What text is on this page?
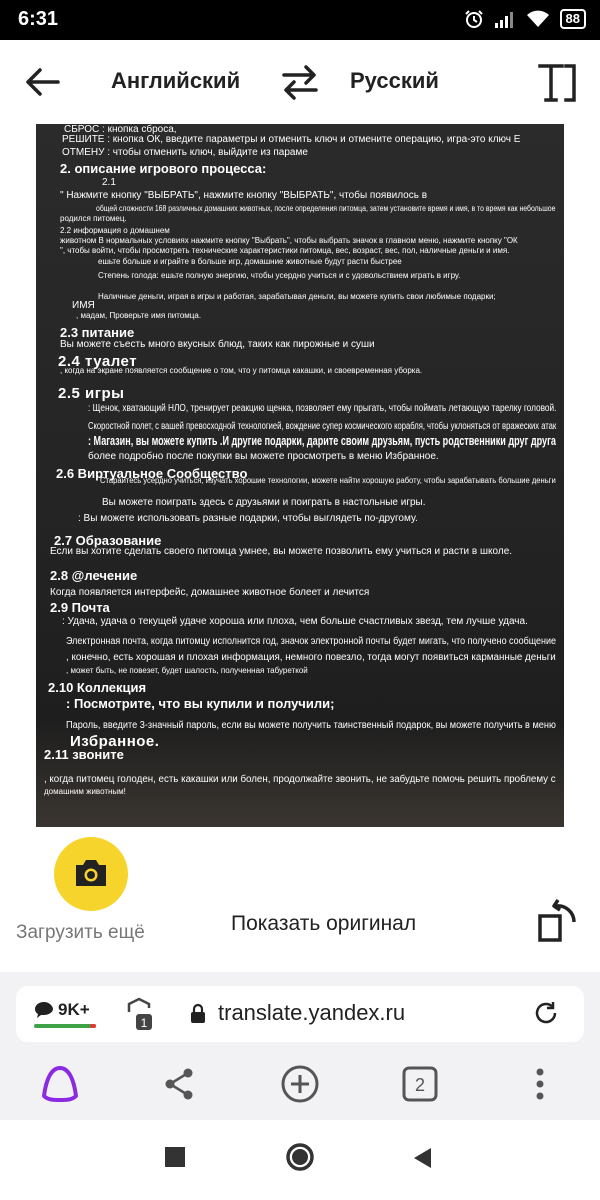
6:31	88
Английский	Русский
СБРОС : кнопка сброса,
РЕШИТЕ : кнопка ОК, введите параметры и отменить ключ и отмените операцию, игра-это ключ Е
ОТМЕНУ : чтобы отменить ключ, выйдите из параме
2. описание игрового процесса:
2.1
" Нажмите кнопку "ВЫБРАТЬ", нажмите кнопку "ВЫБРАТЬ", чтобы появилось в
общей сложности 168 различных домашних животных, после определения питомца, затем установите время и имя, в то время как небольшое
родился питомец.
2.2 информация о домашнем
животном В нормальных условиях нажмите кнопку "Выбрать", чтобы выбрать значок в главном меню, нажмите кнопку "ОК
", чтобы войти, чтобы просмотреть технические характеристики питомца, вес, возраст, вес, пол, наличные деньги и имя.
ешьте больше и играйте в больше игр, домашние животные будут расти быстрее
Степень голода: ешьте полную энергию, чтобы усердно учиться и с удовольствием играть в игру.
Наличные деньги, играя в игры и работая, зарабатывая деньги, вы можете купить свои любимые подарки;
ИМЯ
, мадам, Проверьте имя питомца.
2.3 питание
Вы можете съесть много вкусных блюд, таких как пирожные и суши
2.4 туалет
, когда на экране появляется сообщение о том, что у питомца какашки, и своевременная уборка.
2.5 игры
: Щенок, хватающий НЛО, тренирует реакцию щенка, позволяет ему прыгать, чтобы поймать летающую тарелку головой.
Скоростной полет, с вашей превосходной технологией, вождение супер космического корабля, чтобы уклоняться от вражеских атак
: Магазин, вы можете купить .И другие подарки, дарите своим друзьям, пусть родственники друг друга
более подробно после покупки вы можете просмотреть в меню Избранное.
2.6 Виртуальное Сообщество
Старайтесь усердно учиться, изучать хорошие технологии, можете найти хорошую работу, чтобы зарабатывать большие деньги
Вы можете поиграть здесь с друзьями и поиграть в настольные игры.
: Вы можете использовать разные подарки, чтобы выглядеть по-другому.
2.7 Образование
Если вы хотите сделать своего питомца умнее, вы можете позволить ему учиться и расти в школе.
2.8 @лечение
Когда появляется интерфейс, домашнее животное болеет и лечится
2.9 Почта
: Удача, удача о текущей удаче хороша или плоха, чем больше счастливых звезд, тем лучше удача.
Электронная почта, когда питомцу исполнится год, значок электронной почты будет мигать, что получено сообщение
, конечно, есть хорошая и плохая информация, немного повезло, тогда могут появиться карманные деньги
, может быть, не повезет, будет шалость, полученная табуреткой
2.10 Коллекция
: Посмотрите, что вы купили и получили;
Пароль, введите 3-значный пароль, если вы можете получить таинственный подарок, вы можете получить в меню
Избранное.
2.11 звоните
, когда питомец голоден, есть какашки или болен, продолжайте звонить, не забудьте помочь решить проблему с
домашним животным!
Загрузить ещё	Показать оригинал
9K+
1	translate.yandex.ru
2
